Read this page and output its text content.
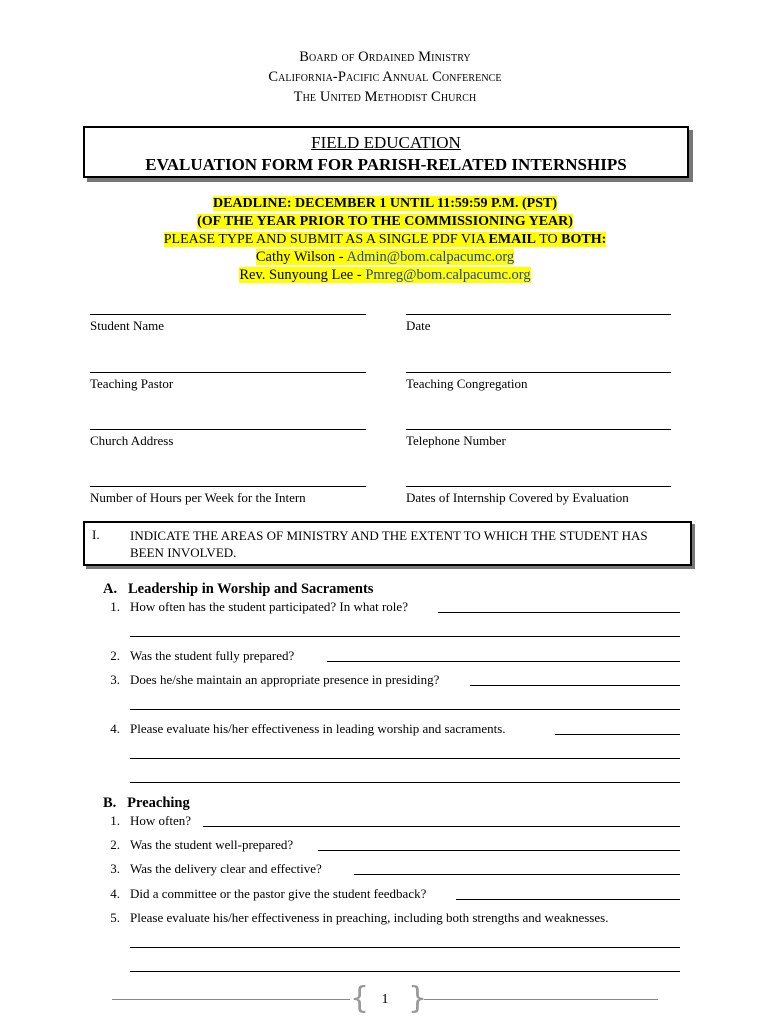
Board of Ordained Ministry
California-Pacific Annual Conference
The United Methodist Church
FIELD EDUCATION
EVALUATION FORM FOR PARISH-RELATED INTERNSHIPS
DEADLINE: DECEMBER 1 UNTIL 11:59:59 P.M. (PST)
(OF THE YEAR PRIOR TO THE COMMISSIONING YEAR)
PLEASE TYPE AND SUBMIT AS A SINGLE PDF VIA EMAIL TO BOTH:
Cathy Wilson - Admin@bom.calpacumc.org
Rev. Sunyoung Lee - Pmreg@bom.calpacumc.org
Student Name	Date
Teaching Pastor	Teaching Congregation
Church Address	Telephone Number
Number of Hours per Week for the Intern	Dates of Internship Covered by Evaluation
I. INDICATE THE AREAS OF MINISTRY AND THE EXTENT TO WHICH THE STUDENT HAS BEEN INVOLVED.
A.   Leadership in Worship and Sacraments
1. How often has the student participated? In what role?
2. Was the student fully prepared?
3. Does he/she maintain an appropriate presence in presiding?
4. Please evaluate his/her effectiveness in leading worship and sacraments.
B.   Preaching
1. How often?
2. Was the student well-prepared?
3. Was the delivery clear and effective?
4. Did a committee or the pastor give the student feedback?
5. Please evaluate his/her effectiveness in preaching, including both strengths and weaknesses.
{ 1 }
